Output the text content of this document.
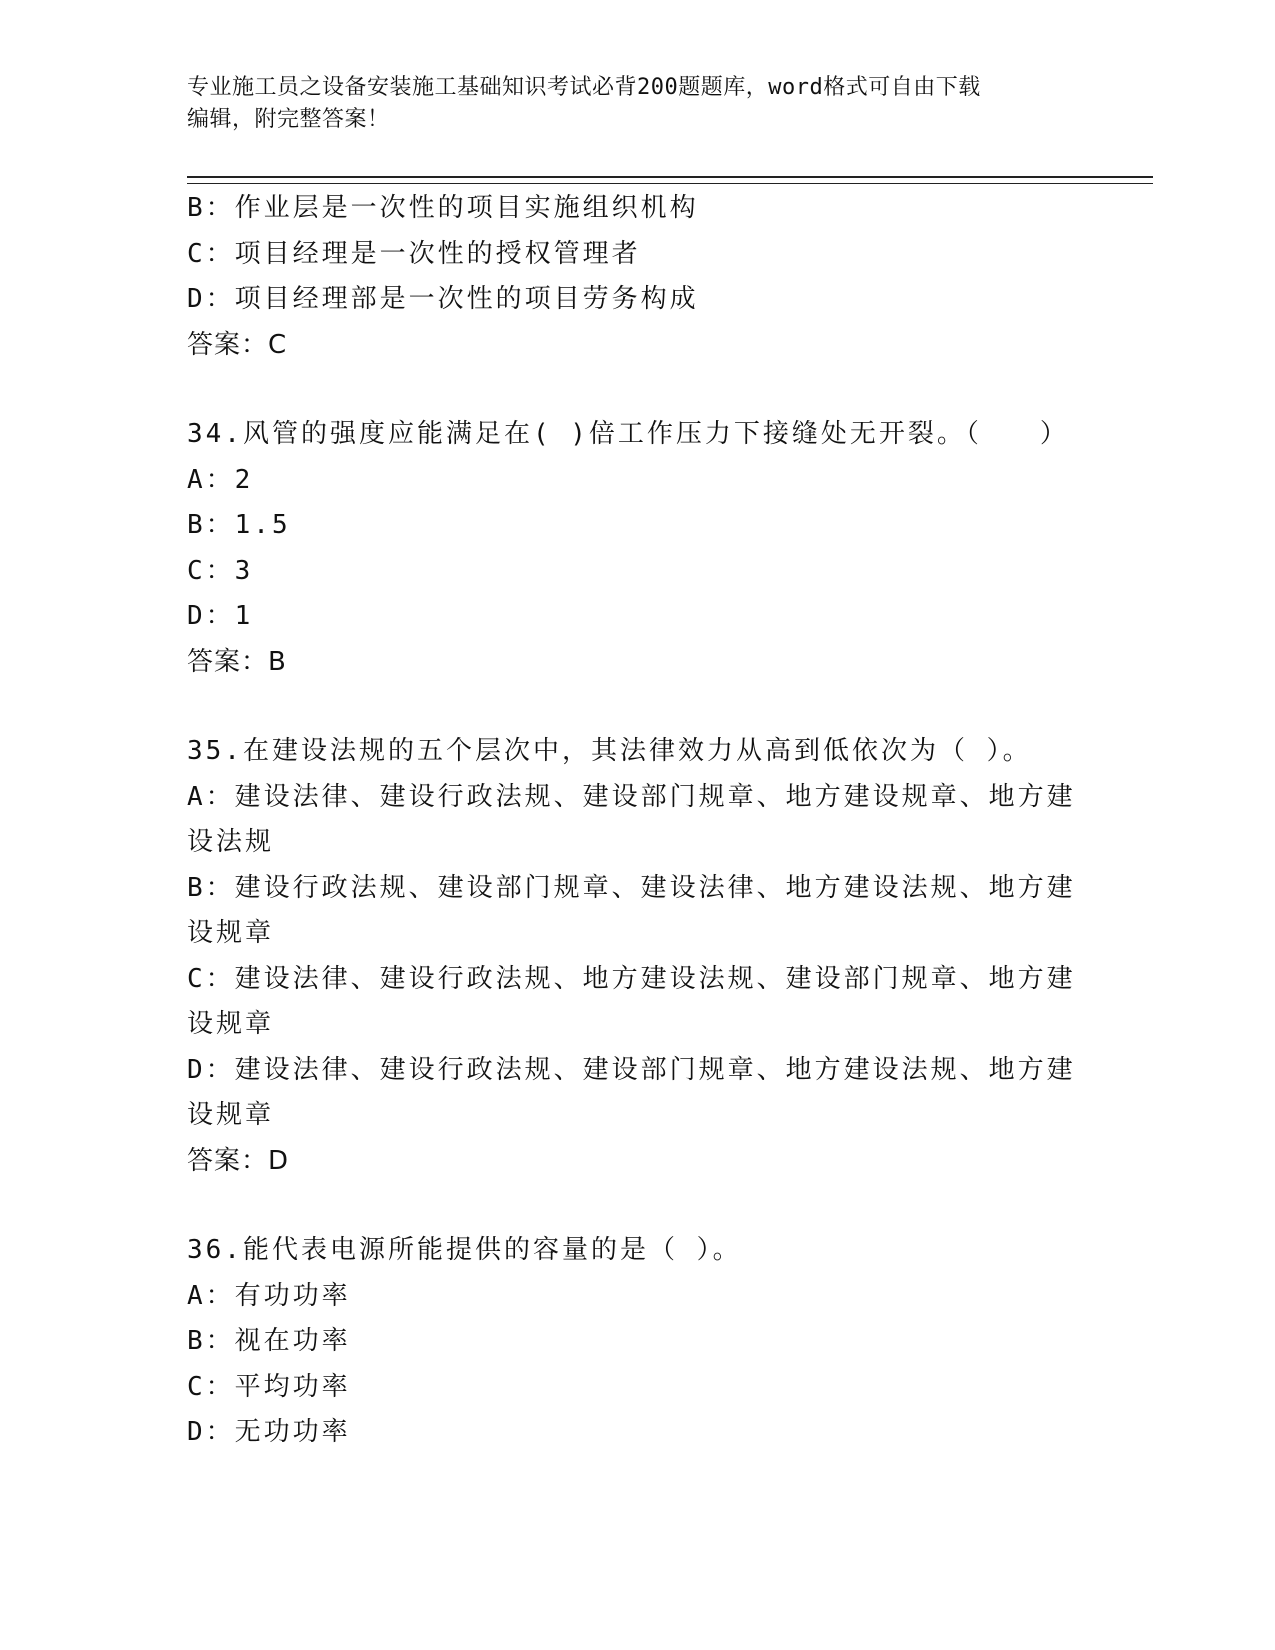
专业施工员之设备安装施工基础知识考试必背200题题库，word格式可自由下载
编辑，附完整答案！
B：作业层是一次性的项目实施组织机构
C：项目经理是一次性的授权管理者
D：项目经理部是一次性的项目劳务构成
答案：C
34.风管的强度应能满足在( )倍工作压力下接缝处无开裂。（　　）
A：2
B：1.5
C：3
D：1
答案：B
35.在建设法规的五个层次中，其法律效力从高到低依次为（ ）。
A：建设法律、建设行政法规、建设部门规章、地方建设规章、地方建设法规
B：建设行政法规、建设部门规章、建设法律、地方建设法规、地方建设规章
C：建设法律、建设行政法规、地方建设法规、建设部门规章、地方建设规章
D：建设法律、建设行政法规、建设部门规章、地方建设法规、地方建设规章
答案：D
36.能代表电源所能提供的容量的是（ ）。
A：有功功率
B：视在功率
C：平均功率
D：无功功率
